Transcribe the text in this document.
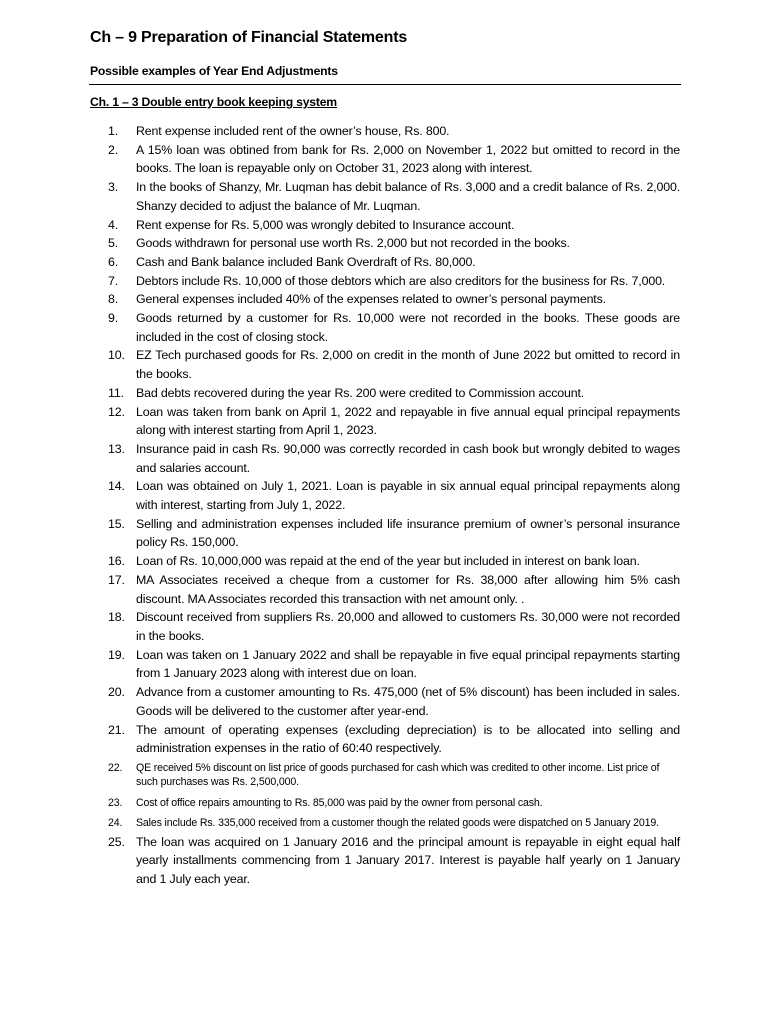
Ch – 9 Preparation of Financial Statements
Possible examples of Year End Adjustments
Ch. 1 – 3 Double entry book keeping system
1.	Rent expense included rent of the owner’s house, Rs. 800.
2.	A 15% loan was obtined from bank for Rs. 2,000 on November 1, 2022 but omitted to record in the books. The loan is repayable only on October 31, 2023 along with interest.
3.	In the books of Shanzy, Mr. Luqman has debit balance of Rs. 3,000 and a credit balance of Rs. 2,000. Shanzy decided to adjust the balance of Mr. Luqman.
4.	Rent expense for Rs. 5,000 was wrongly debited to Insurance account.
5.	Goods withdrawn for personal use worth Rs. 2,000 but not recorded in the books.
6.	Cash and Bank balance included Bank Overdraft of Rs. 80,000.
7.	Debtors include Rs. 10,000 of those debtors which are also creditors for the business for Rs. 7,000.
8.	General expenses included 40% of the expenses related to owner’s personal payments.
9.	Goods returned by a customer for Rs. 10,000 were not recorded in the books. These goods are included in the cost of closing stock.
10. EZ Tech purchased goods for Rs. 2,000 on credit in the month of June 2022 but omitted to record in the books.
11. Bad debts recovered during the year Rs. 200 were credited to Commission account.
12. Loan was taken from bank on April 1, 2022 and repayable in five annual equal principal repayments along with interest starting from April 1, 2023.
13. Insurance paid in cash Rs. 90,000 was correctly recorded in cash book but wrongly debited to wages and salaries account.
14. Loan was obtained on July 1, 2021. Loan is payable in six annual equal principal repayments along with interest, starting from July 1, 2022.
15. Selling and administration expenses included life insurance premium of owner’s personal insurance policy Rs. 150,000.
16. Loan of Rs. 10,000,000 was repaid at the end of the year but included in interest on bank loan.
17. MA Associates received a cheque from a customer for Rs. 38,000 after allowing him 5% cash discount. MA Associates recorded this transaction with net amount only. .
18. Discount received from suppliers Rs. 20,000 and allowed to customers Rs. 30,000 were not recorded in the books.
19. Loan was taken on 1 January 2022 and shall be repayable in five equal principal repayments starting from 1 January 2023 along with interest due on loan.
20. Advance from a customer amounting to Rs. 475,000 (net of 5% discount) has been included in sales. Goods will be delivered to the customer after year-end.
21. The amount of operating expenses (excluding depreciation) is to be allocated into selling and administration expenses in the ratio of 60:40 respectively.
22.	QE received 5% discount on list price of goods purchased for cash which was credited to other income. List price of such purchases was Rs. 2,500,000.
23.	Cost of office repairs amounting to Rs. 85,000 was paid by the owner from personal cash.
24.	Sales include Rs. 335,000 received from a customer though the related goods were dispatched on 5 January 2019.
25. The loan was acquired on 1 January 2016 and the principal amount is repayable in eight equal half yearly installments commencing from 1 January 2017. Interest is payable half yearly on 1 January and 1 July each year.
